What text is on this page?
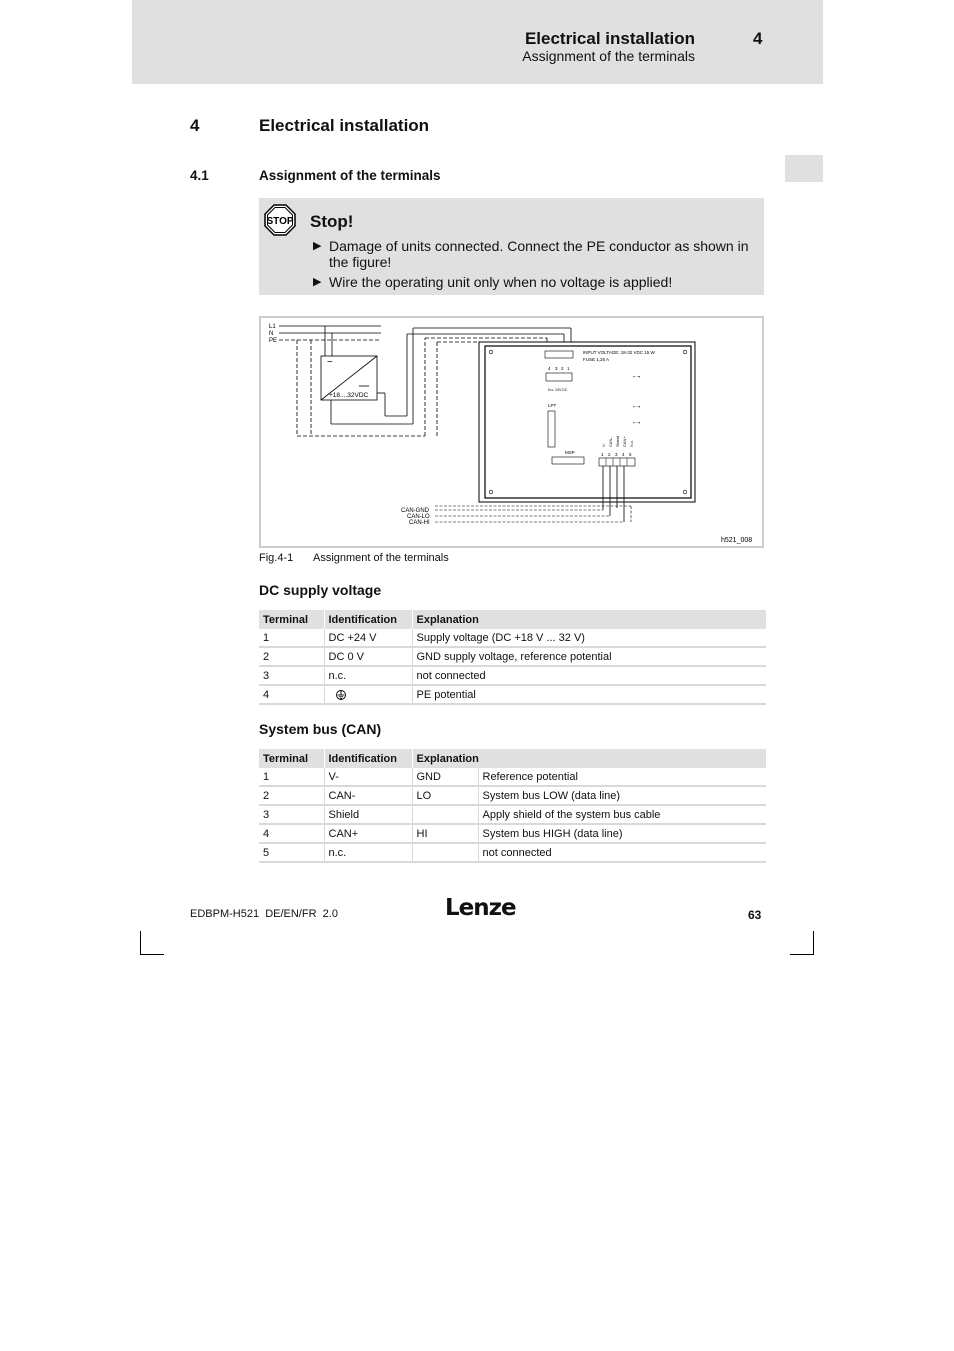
Electrical installation	4
Assignment of the terminals
4	Electrical installation
4.1	Assignment of the terminals
STOP Stop!
▶ Damage of units connected. Connect the PE conductor as shown in the figure!
▶ Wire the operating unit only when no voltage is applied!
L1
N
PE
~
+18....32VDC
INPUT VOLTAGE: 18-32 VDC 15 W
FUSE 1,25 A
4 3 2 1
N.c. 24V DC
LPT
MSP
⌐ ¬
⌐ ¬
⌐ ¬
V- CAN- Shield CAN+ N.c.
1 2 3 4 5
CAN-GND
CAN-LO
CAN-HI
h521_008
Fig.4-1 Assignment of the terminals
DC supply voltage
Terminal	Identification	Explanation
1	DC +24 V	Supply voltage (DC +18 V ... 32 V)
2	DC 0 V	GND supply voltage, reference potential
3	n.c.	not connected
4		PE potential
System bus (CAN)
Terminal	Identification	Explanation	
1	V-	GND	Reference potential
2	CAN-	LO	System bus LOW (data line)
3	Shield		Apply shield of the system bus cable
4	CAN+	HI	System bus HIGH (data line)
5	n.c.		not connected
EDBPM-H521  DE/EN/FR  2.0	Lenze	63
